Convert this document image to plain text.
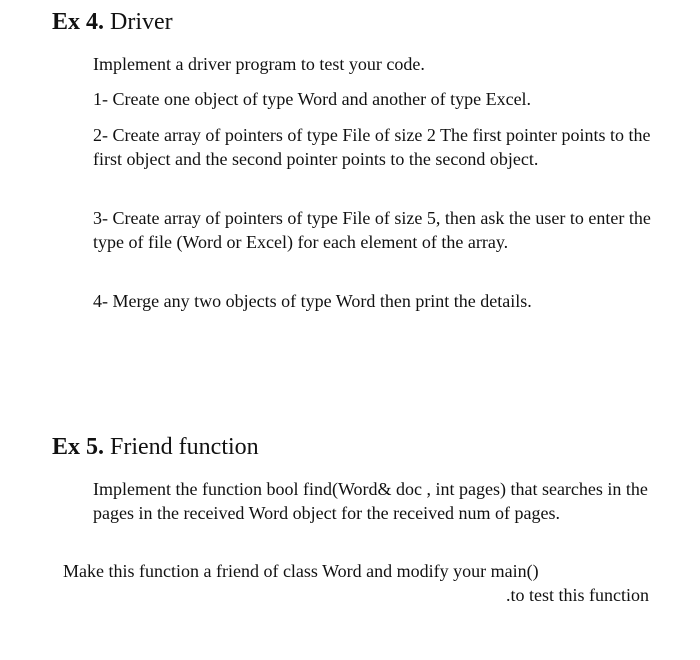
Ex 4. Driver
Implement a driver program to test your code.
1- Create one object of type Word and another of type Excel.
2- Create array of pointers of type File of size 2 The first pointer points to the first object and the second pointer points to the second object.
3- Create array of pointers of type File of size 5, then ask the user to enter the type of file (Word or Excel) for each element of the array.
4- Merge any two objects of type Word then print the details.
Ex 5. Friend function
Implement the function bool find(Word& doc , int pages) that searches in the pages in the received Word object for the received num of pages.
Make this function a friend of class Word and modify your main()
.to test this function
